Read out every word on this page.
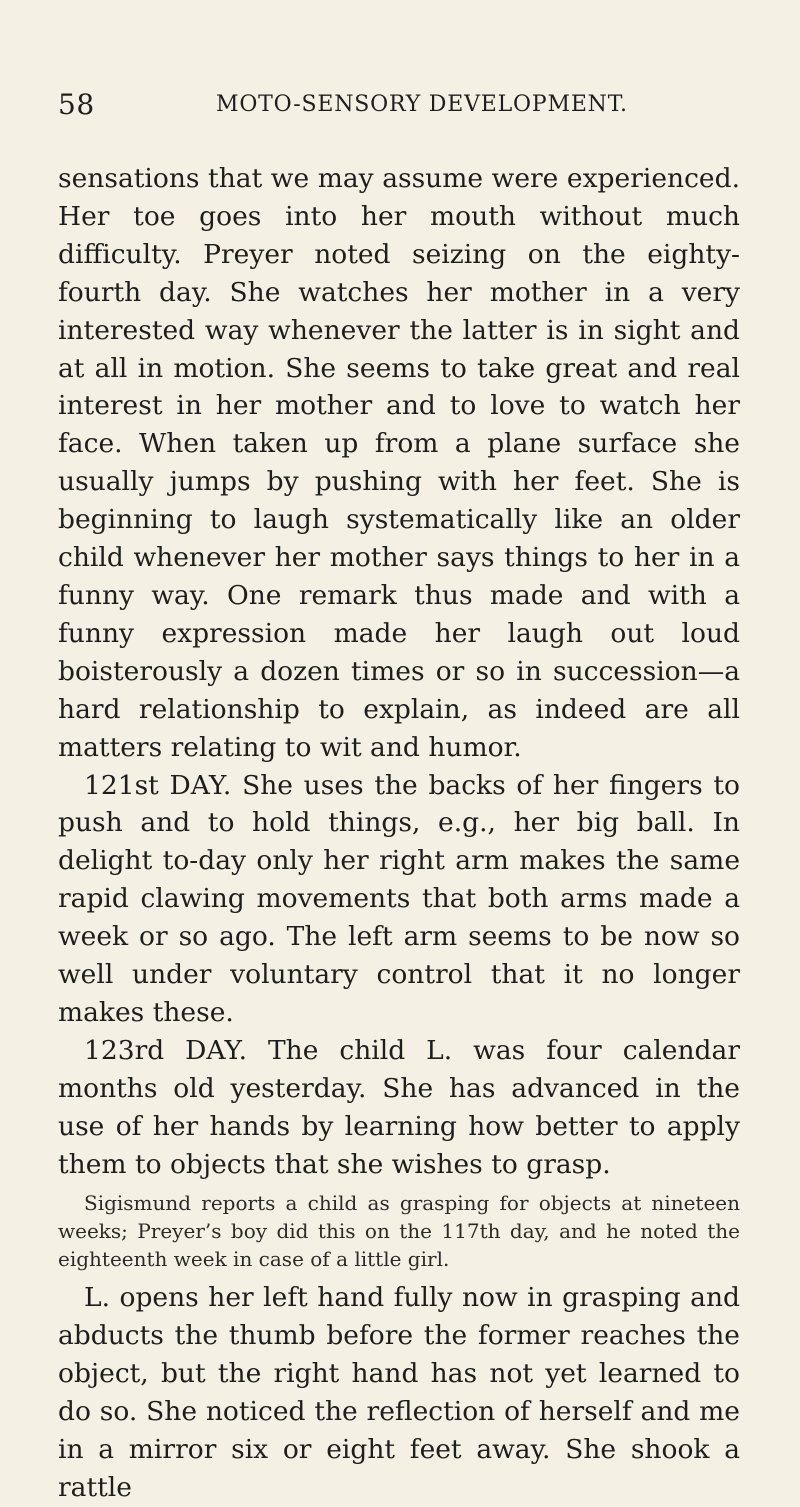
58	MOTO-SENSORY DEVELOPMENT.

sensations that we may assume were experienced. Her toe goes into her mouth without much difficulty. Preyer noted seizing on the eighty-fourth day. She watches her mother in a very interested way whenever the latter is in sight and at all in motion. She seems to take great and real interest in her mother and to love to watch her face. When taken up from a plane surface she usually jumps by pushing with her feet. She is beginning to laugh systematically like an older child whenever her mother says things to her in a funny way. One remark thus made and with a funny expression made her laugh out loud boisterously a dozen times or so in succession—a hard relationship to explain, as indeed are all matters relating to wit and humor.

121st DAY. She uses the backs of her fingers to push and to hold things, e.g., her big ball. In delight to-day only her right arm makes the same rapid clawing movements that both arms made a week or so ago. The left arm seems to be now so well under voluntary control that it no longer makes these.

123rd DAY. The child L. was four calendar months old yesterday. She has advanced in the use of her hands by learning how better to apply them to objects that she wishes to grasp.

Sigismund reports a child as grasping for objects at nineteen weeks; Preyer’s boy did this on the 117th day, and he noted the eighteenth week in case of a little girl.

L. opens her left hand fully now in grasping and abducts the thumb before the former reaches the object, but the right hand has not yet learned to do so. She noticed the reflection of herself and me in a mirror six or eight feet away. She shook a rattle
